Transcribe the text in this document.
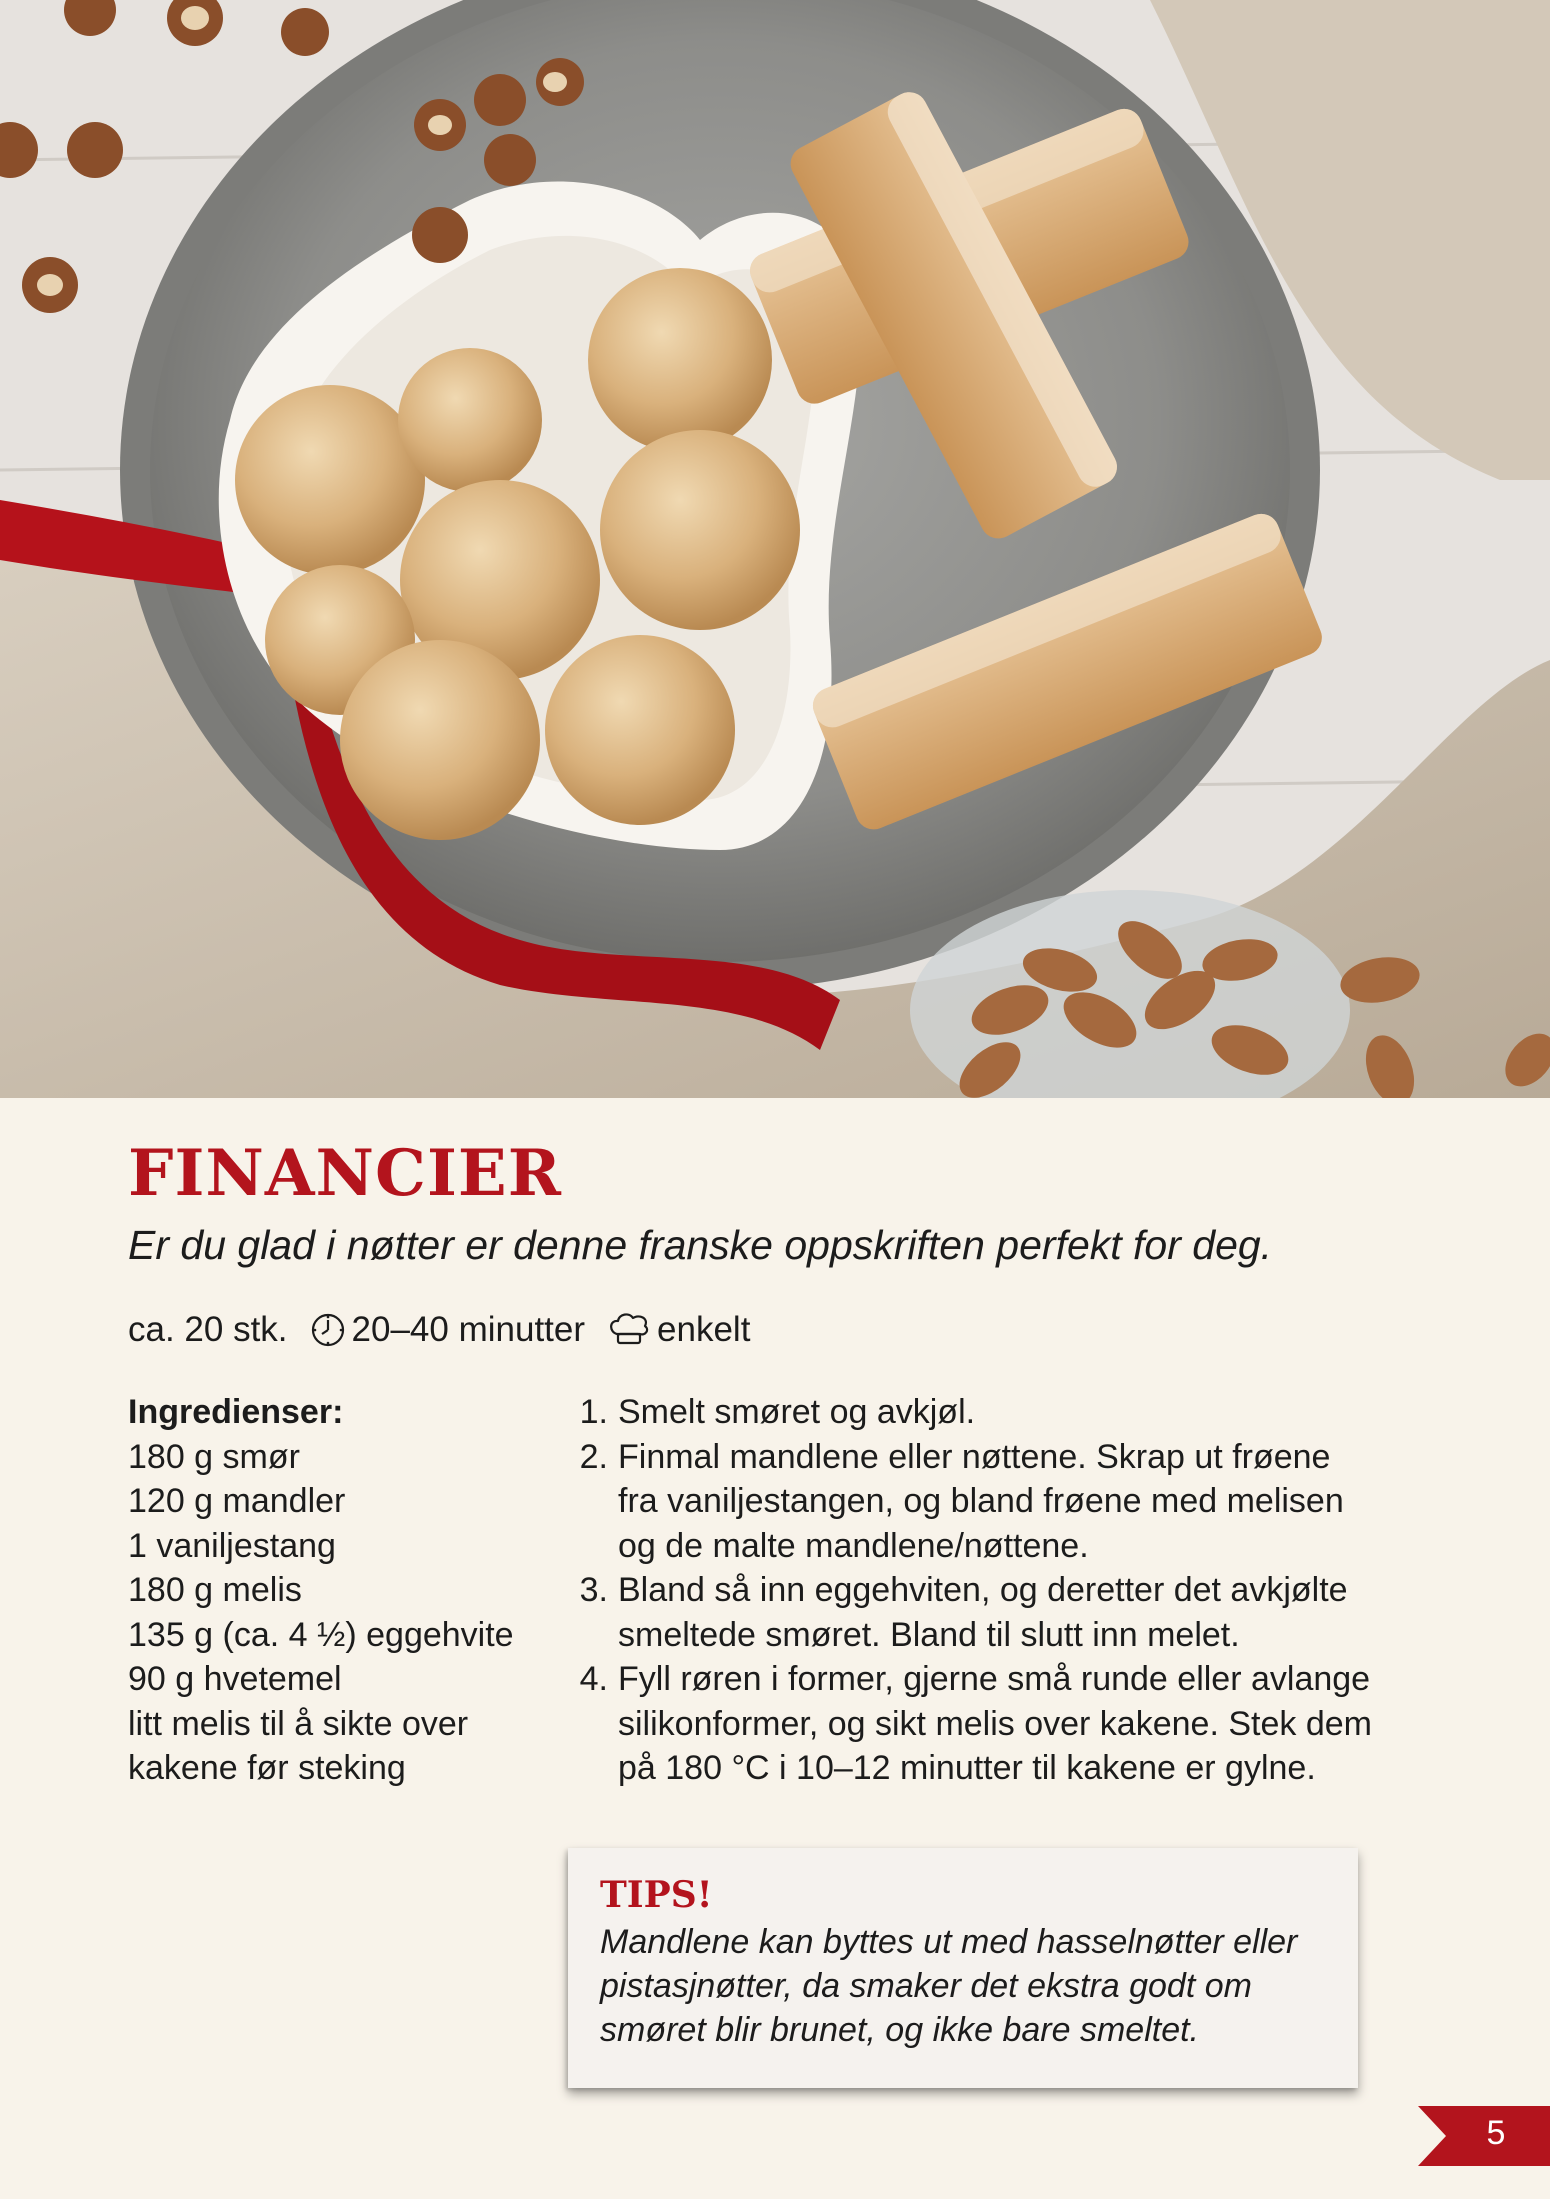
FINANCIER

Er du glad i nøtter er denne franske oppskriften perfekt for deg.

ca. 20 stk. 20–40 minutter enkelt
Ingredienser:
180 g smør
120 g mandler
1 vaniljestang
180 g melis
135 g (ca. 4 ½) eggehvite
90 g hvetemel
litt melis til å sikte over
kakene før steking
1. Smelt smøret og avkjøl.
2. Finmal mandlene eller nøttene. Skrap ut frøene
fra vaniljestangen, og bland frøene med melisen
og de malte mandlene/nøttene.
3. Bland så inn eggehviten, og deretter det avkjølte
smeltede smøret. Bland til slutt inn melet.
4. Fyll røren i former, gjerne små runde eller avlange
silikonformer, og sikt melis over kakene. Stek dem
på 180 °C i 10–12 minutter til kakene er gylne.
TIPS!
Mandlene kan byttes ut med hasselnøtter eller
pistasjnøtter, da smaker det ekstra godt om
smøret blir brunet, og ikke bare smeltet.
5
